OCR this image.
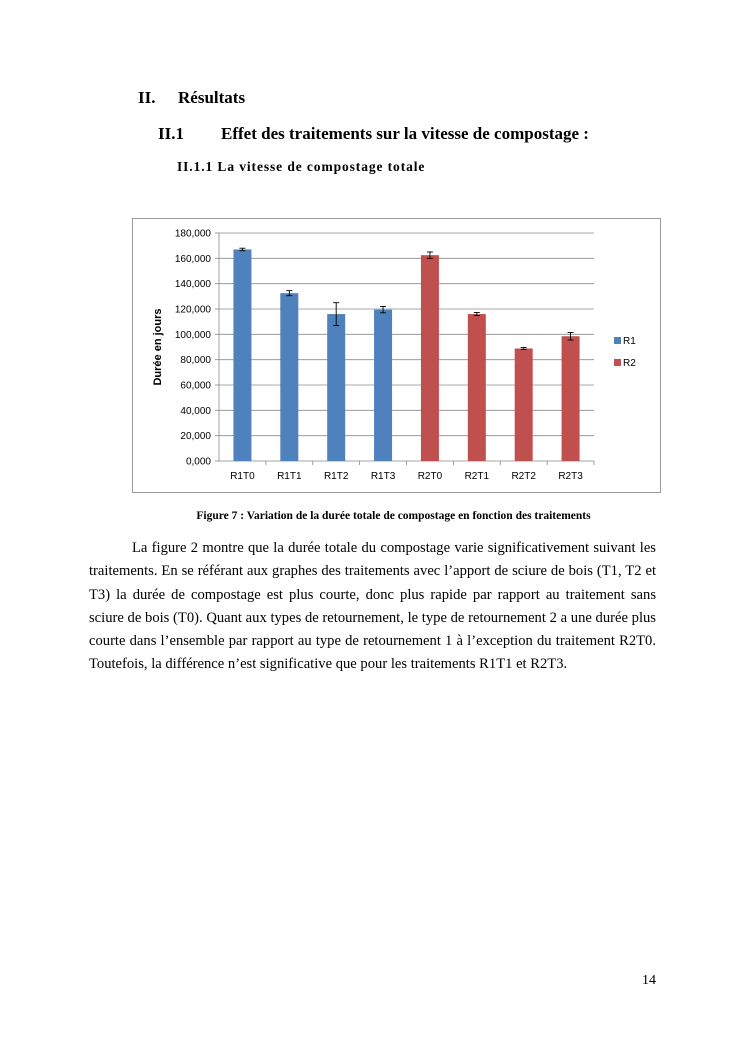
II. Résultats
II.1 Effet des traitements sur la vitesse de compostage :
II.1.1 La vitesse de compostage totale
0,000
20,000
40,000
60,000
80,000
100,000
120,000
140,000
160,000
180,000
Durée en jours
R1T0 R1T1 R1T2 R1T3 R2T0 R2T1 R2T2 R2T3
R1
R2
Figure 7 : Variation de la durée totale de compostage en fonction des traitements
La figure 2 montre que la durée totale du compostage varie significativement suivant les traitements. En se référant aux graphes des traitements avec l’apport de sciure de bois (T1, T2 et T3) la durée de compostage est plus courte, donc plus rapide par rapport au traitement sans sciure de bois (T0). Quant aux types de retournement, le type de retournement 2 a une durée plus courte dans l’ensemble par rapport au type de retournement 1 à l’exception du traitement R2T0. Toutefois, la différence n’est significative que pour les traitements R1T1 et R2T3.
14
